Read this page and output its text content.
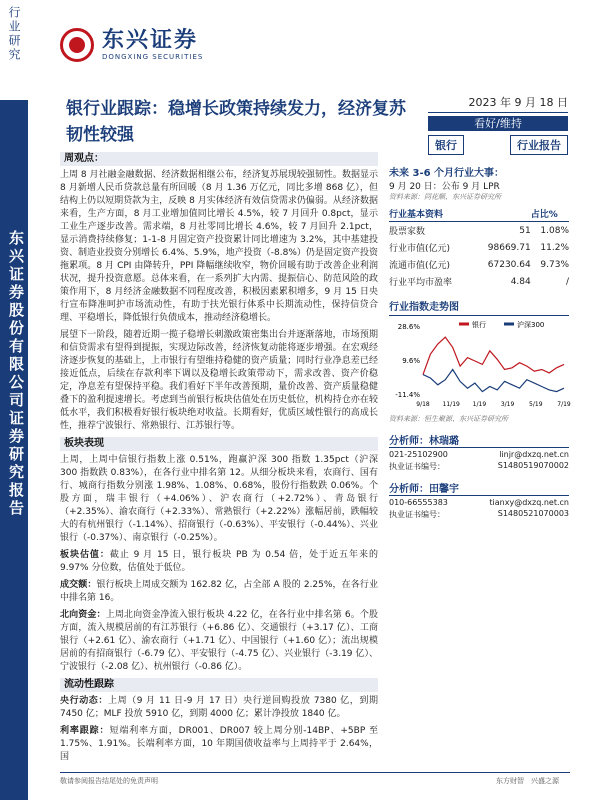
行业研究
东兴证券股份有限公司证券研究报告
东兴证券
DONGXING SECURITIES
银行业跟踪：稳增长政策持续发力，经济复苏韧性较强
2023 年 9 月 18 日
看好/维持
银行	行业报告
周观点：

上周 8 月社融金融数据、经济数据相继公布，经济复苏展现较强韧性。数据显示 8 月新增人民币贷款总量有所回暖（8 月 1.36 万亿元，同比多增 868 亿），但结构上仍以短期贷款为主，反映 8 月实体经济有效信贷需求仍偏弱。从经济数据来看，生产方面，8 月工业增加值同比增长 4.5%，较 7 月回升 0.8pct，显示工业生产逐步改善。需求端，8 月社零同比增长 4.6%，较 7 月回升 2.1pct，显示消费持续修复；1-1-8 月固定资产投资累计同比增速为 3.2%，其中基建投资、制造业投资分别增长 6.4%、5.9%，地产投资（-8.8%）仍是固定资产投资拖累项。8 月 CPI 由降转升，PPI 降幅继续收窄，物价回暖有助于改善企业利润状况，提升投资意愿。总体来看，在一系列扩大内需、提振信心、防范风险的政策作用下，8 月经济金融数据不同程度改善，积极因素累积增多，9 月 15 日央行宣布降准呵护市场流动性，有助于扶光银行体系中长期流动性，保持信贷合理、平稳增长，降低银行负债成本，推动经济稳增长。

展望下一阶段，随着近期一揽子稳增长刺激政策密集出台并逐渐落地，市场预期和信贷需求有望得到提振，实现边际改善，经济恢复动能将逐步增强。在宏观经济逐步恢复的基础上，上市银行有望维持稳健的资产质量；同时行业净息差已经接近低点，后续在存款利率下调以及稳增长政策带动下，需求改善、资产价稳定，净息差有望保持平稳。我们看好下半年改善预期，量价改善、资产质量稳健叠下的盈利提速增长。考虑到当前银行板块估值处在历史低位，机构持仓亦在较低水平，我们积极看好银行板块绝对收益。长期看好，优质区域性银行的高成长性，推荐宁波银行、常熟银行、江苏银行等。

板块表现

上周，上周中信银行指数上涨 0.51%，跑赢沪深 300 指数 1.35pct（沪深 300 指数跌 0.83%），在各行业中排名第 12。从细分板块来看，农商行、国有行、城商行指数分别涨 1.98%、1.08%、0.68%，股份行指数跌 0.06%。个股方面，瑞丰银行（+4.06%）、沪农商行（+2.72%）、青岛银行（+2.35%）、渝农商行（+2.33%）、常熟银行（+2.22%）涨幅居前，跌幅较大的有杭州银行（-1.14%）、招商银行（-0.63%）、平安银行（-0.44%）、兴业银行（-0.37%）、南京银行（-0.25%）。

板块估值：截止 9 月 15 日，银行板块 PB 为 0.54 倍，处于近五年来的 9.97% 分位数，估值处于低位。

成交额：银行板块上周成交额为 162.82 亿，占全部 A 股的 2.25%，在各行业中排名第 16。

北向资金：上周北向资金净流入银行板块 4.22 亿，在各行业中排名第 6。个股方面，流入规模居前的有江苏银行（+6.86 亿）、交通银行（+3.17 亿）、工商银行（+2.61 亿）、渝农商行（+1.71 亿）、中国银行（+1.60 亿）；流出规模居前的有招商银行（-6.79 亿）、平安银行（-4.75 亿）、兴业银行（-3.19 亿）、宁波银行（-2.08 亿）、杭州银行（-0.86 亿）。

流动性跟踪

央行动态：上周（9 月 11 日-9 月 17 日）央行逆回购投放 7380 亿，到期 7450 亿；MLF 投放 5910 亿，到期 4000 亿；累计净投放 1840 亿。

利率跟踪：短端利率方面，DR001、DR007 较上周分别-14BP、+5BP 至 1.75%、1.91%。长端利率方面，10 年期国债收益率与上周持平于 2.64%，国

未来 3-6 个月行业大事：
9 月 20 日：公布 9 月 LPR
资料来源：同花顺、东兴证券研究所
行业基本资料		占比%
股票家数	51	1.08%
行业市值(亿元)	98669.71	11.2%
流通市值(亿元)	67230.64	9.73%
行业平均市盈率	4.84	/
行业指数走势图
28.6%
9.6%
-11.4%
9/18 11/19 1/19 3/19 5/19 7/19
银行	沪深300
资料来源：恒生聚源、东兴证券研究所
分析师：林瑞璐
021-25102900	linjr@dxzq.net.cn
执业证书编号：	S1480519070002
分析师：田馨宇
010-66555383	tianxy@dxzq.net.cn
执业证书编号：	S1480521070003
敬请参阅报告结尾处的免责声明	东方财智　兴盛之源
